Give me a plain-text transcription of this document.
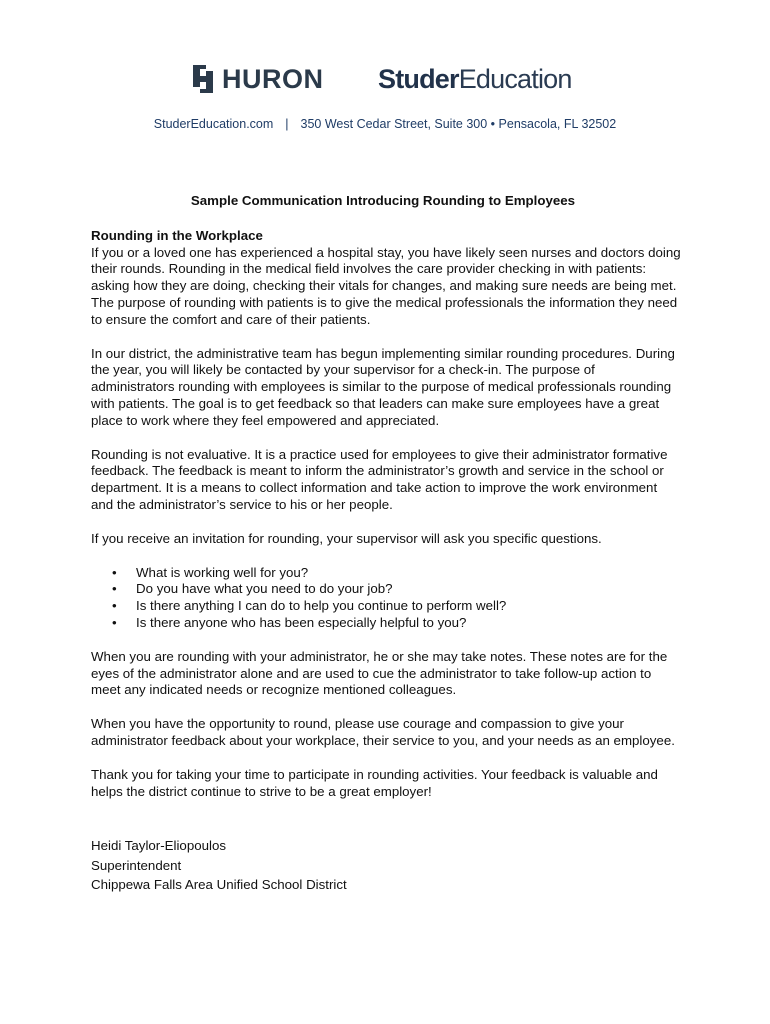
HURON Studer Education
StuderEducation.com | 350 West Cedar Street, Suite 300 • Pensacola, FL 32502
Sample Communication Introducing Rounding to Employees
Rounding in the Workplace

If you or a loved one has experienced a hospital stay, you have likely seen nurses and doctors doing their rounds. Rounding in the medical field involves the care provider checking in with patients: asking how they are doing, checking their vitals for changes, and making sure needs are being met. The purpose of rounding with patients is to give the medical professionals the information they need to ensure the comfort and care of their patients.

In our district, the administrative team has begun implementing similar rounding procedures. During the year, you will likely be contacted by your supervisor for a check-in. The purpose of administrators rounding with employees is similar to the purpose of medical professionals rounding with patients. The goal is to get feedback so that leaders can make sure employees have a great place to work where they feel empowered and appreciated.

Rounding is not evaluative. It is a practice used for employees to give their administrator formative feedback. The feedback is meant to inform the administrator’s growth and service in the school or department. It is a means to collect information and take action to improve the work environment and the administrator’s service to his or her people.

If you receive an invitation for rounding, your supervisor will ask you specific questions.

• What is working well for you?
• Do you have what you need to do your job?
• Is there anything I can do to help you continue to perform well?
• Is there anyone who has been especially helpful to you?

When you are rounding with your administrator, he or she may take notes. These notes are for the eyes of the administrator alone and are used to cue the administrator to take follow-up action to meet any indicated needs or recognize mentioned colleagues.

When you have the opportunity to round, please use courage and compassion to give your administrator feedback about your workplace, their service to you, and your needs as an employee.

Thank you for taking your time to participate in rounding activities. Your feedback is valuable and helps the district continue to strive to be a great employer!

Heidi Taylor-Eliopoulos
Superintendent
Chippewa Falls Area Unified School District
